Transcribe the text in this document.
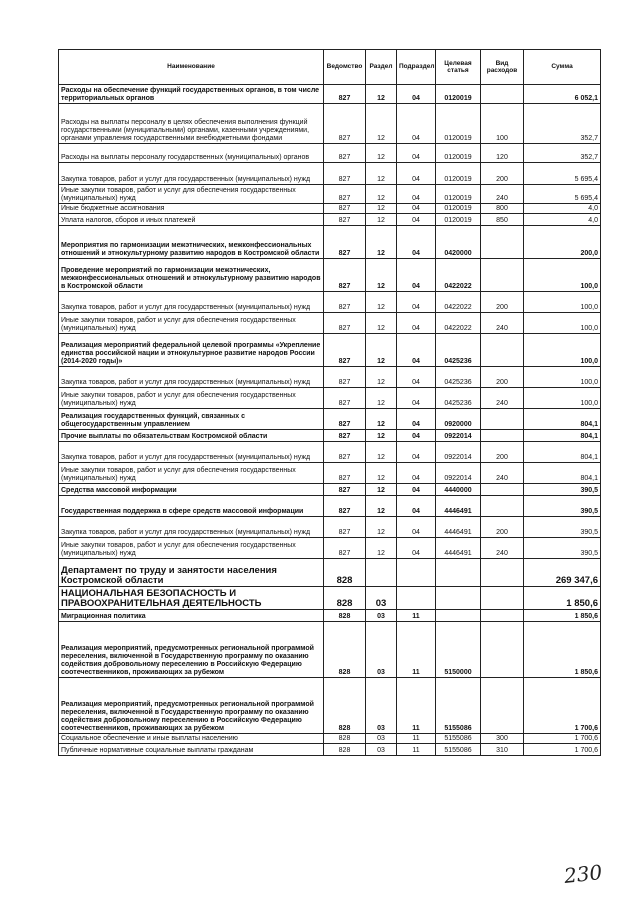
Наименование	Ведомство	Раздел	Подраздел	Целевая статья	Вид расходов	Сумма
Расходы на обеспечение функций государственных органов, в том числе территориальных органов	827	12	04	0120019		6 052,1
Расходы на выплаты персоналу в целях обеспечения выполнения функций государственными (муниципальными) органами, казенными учреждениями, органами управления государственными внебюджетными фондами	827	12	04	0120019	100	352,7
Расходы на выплаты персоналу государственных (муниципальных) органов	827	12	04	0120019	120	352,7
Закупка товаров, работ и услуг для государственных (муниципальных) нужд	827	12	04	0120019	200	5 695,4
Иные закупки товаров, работ и услуг для обеспечения государственных (муниципальных) нужд	827	12	04	0120019	240	5 695,4
Иные бюджетные ассигнования	827	12	04	0120019	800	4,0
Уплата налогов, сборов и иных платежей	827	12	04	0120019	850	4,0
Мероприятия по гармонизации межэтнических, межконфессиональных отношений и этнокультурному развитию народов в Костромской области	827	12	04	0420000		200,0
Проведение мероприятий по гармонизации межэтнических, межконфессиональных отношений и этнокультурному развитию народов в Костромской области	827	12	04	0422022		100,0
Закупка товаров, работ и услуг для государственных (муниципальных) нужд	827	12	04	0422022	200	100,0
Иные закупки товаров, работ и услуг для обеспечения государственных (муниципальных) нужд	827	12	04	0422022	240	100,0
Реализация мероприятий федеральной целевой программы «Укрепление единства российской нации и этнокультурное развитие народов России (2014-2020 годы)»	827	12	04	0425236		100,0
Закупка товаров, работ и услуг для государственных (муниципальных) нужд	827	12	04	0425236	200	100,0
Иные закупки товаров, работ и услуг для обеспечения государственных (муниципальных) нужд	827	12	04	0425236	240	100,0
Реализация государственных функций, связанных с общегосударственным управлением	827	12	04	0920000		804,1
Прочие выплаты по обязательствам Костромской области	827	12	04	0922014		804,1
Закупка товаров, работ и услуг для государственных (муниципальных) нужд	827	12	04	0922014	200	804,1
Иные закупки товаров, работ и услуг для обеспечения государственных (муниципальных) нужд	827	12	04	0922014	240	804,1
Средства массовой информации	827	12	04	4440000		390,5
Государственная поддержка в сфере средств массовой информации	827	12	04	4446491		390,5
Закупка товаров, работ и услуг для государственных (муниципальных) нужд	827	12	04	4446491	200	390,5
Иные закупки товаров, работ и услуг для обеспечения государственных (муниципальных) нужд	827	12	04	4446491	240	390,5
Департамент по труду и занятости населения Костромской области	828					269 347,6
НАЦИОНАЛЬНАЯ БЕЗОПАСНОСТЬ И ПРАВООХРАНИТЕЛЬНАЯ ДЕЯТЕЛЬНОСТЬ	828	03				1 850,6
Миграционная политика	828	03	11			1 850,6
Реализация мероприятий, предусмотренных региональной программой переселения, включенной в Государственную программу по оказанию содействия добровольному переселению в Российскую Федерацию соотечественников, проживающих за рубежом	828	03	11	5150000		1 850,6
Реализация мероприятий, предусмотренных региональной программой переселения, включенной в Государственную программу по оказанию содействия добровольному переселению в Российскую Федерацию соотечественников, проживающих за рубежом	828	03	11	5155086		1 700,6
Социальное обеспечение и иные выплаты населению	828	03	11	5155086	300	1 700,6
Публичные нормативные социальные выплаты гражданам	828	03	11	5155086	310	1 700,6
230
